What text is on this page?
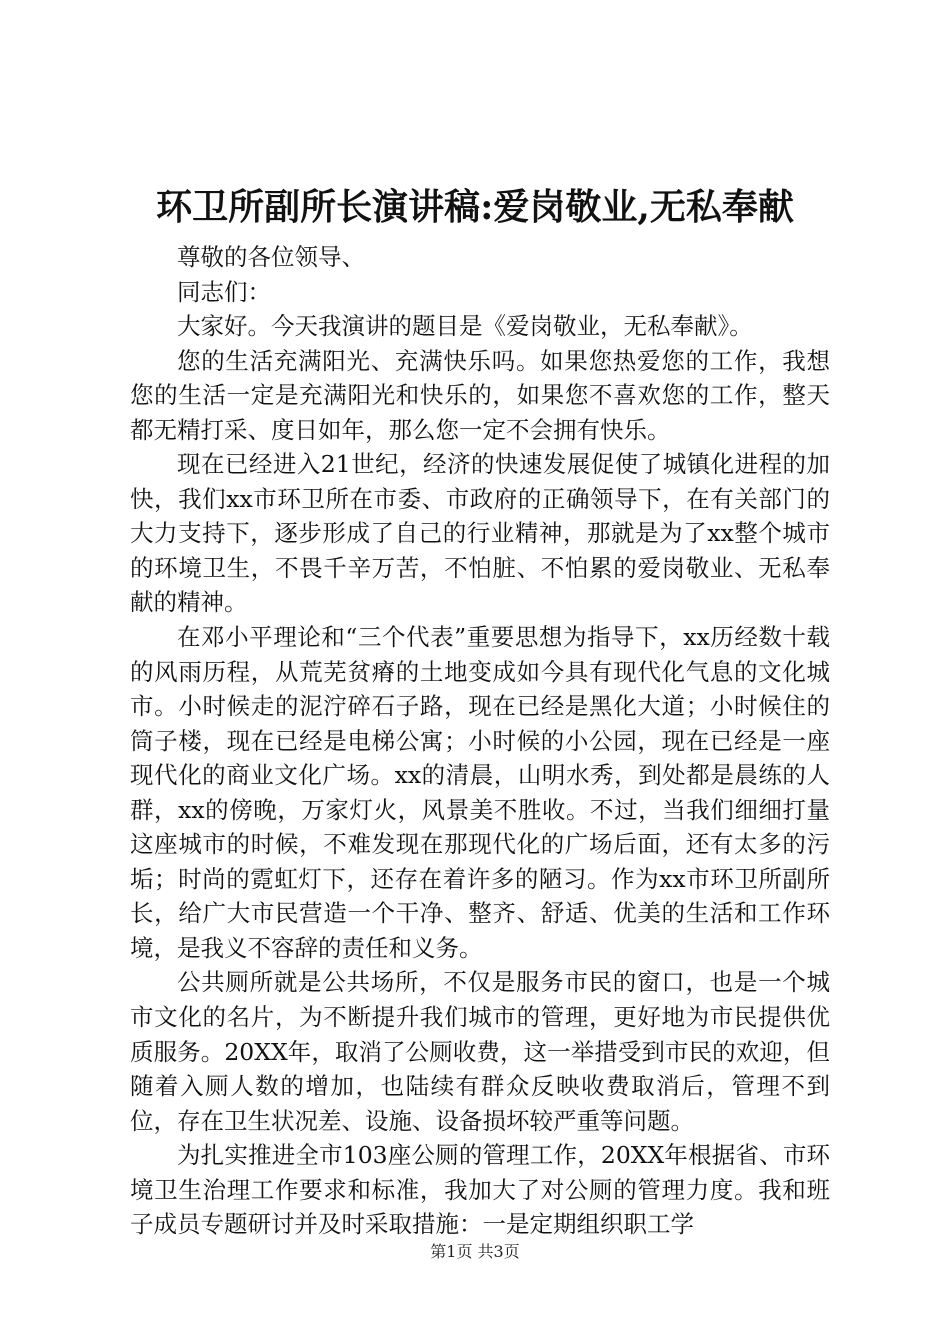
环卫所副所长演讲稿:爱岗敬业,无私奉献

尊敬的各位领导、

同志们：

大家好。今天我演讲的题目是《爱岗敬业，无私奉献》。

您的生活充满阳光、充满快乐吗。如果您热爱您的工作，我想您的生活一定是充满阳光和快乐的，如果您不喜欢您的工作，整天都无精打采、度日如年，那么您一定不会拥有快乐。

现在已经进入21世纪，经济的快速发展促使了城镇化进程的加快，我们xx市环卫所在市委、市政府的正确领导下，在有关部门的大力支持下，逐步形成了自己的行业精神，那就是为了xx整个城市的环境卫生，不畏千辛万苦，不怕脏、不怕累的爱岗敬业、无私奉献的精神。

在邓小平理论和“三个代表”重要思想为指导下，xx历经数十载的风雨历程，从荒芜贫瘠的土地变成如今具有现代化气息的文化城市。小时候走的泥泞碎石子路，现在已经是黑化大道；小时候住的筒子楼，现在已经是电梯公寓；小时候的小公园，现在已经是一座现代化的商业文化广场。xx的清晨，山明水秀，到处都是晨练的人群，xx的傍晚，万家灯火，风景美不胜收。不过，当我们细细打量这座城市的时候，不难发现在那现代化的广场后面，还有太多的污垢；时尚的霓虹灯下，还存在着许多的陋习。作为xx市环卫所副所长，给广大市民营造一个干净、整齐、舒适、优美的生活和工作环境，是我义不容辞的责任和义务。

公共厕所就是公共场所，不仅是服务市民的窗口，也是一个城市文化的名片，为不断提升我们城市的管理，更好地为市民提供优质服务。20XX年，取消了公厕收费，这一举措受到市民的欢迎，但随着入厕人数的增加，也陆续有群众反映收费取消后，管理不到位，存在卫生状况差、设施、设备损坏较严重等问题。

为扎实推进全市103座公厕的管理工作，20XX年根据省、市环境卫生治理工作要求和标准，我加大了对公厕的管理力度。我和班子成员专题研讨并及时采取措施：一是定期组织职工学

第1页 共3页
